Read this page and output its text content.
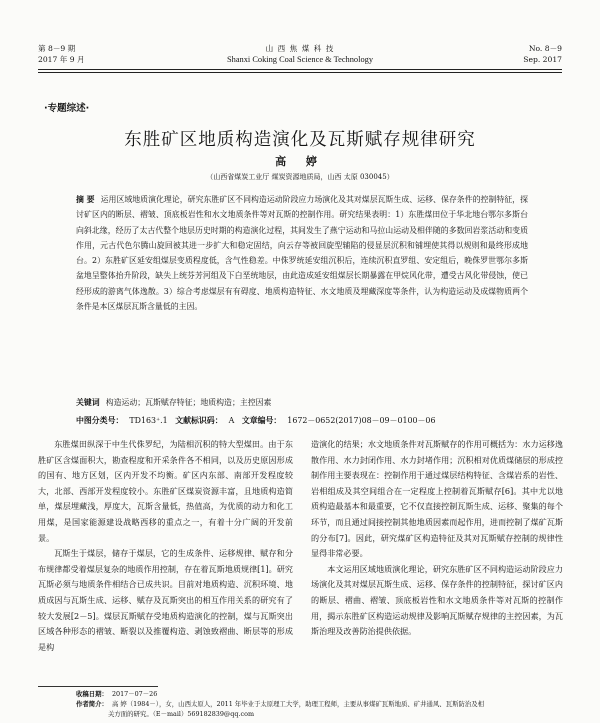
第 8－9 期
2017 年 9 月
山 西 焦 煤 科 技
Shanxi Coking Coal Science & Technology
No. 8－9
Sep. 2017
·专题综述·
东胜矿区地质构造演化及瓦斯赋存规律研究
高 婷
（山西省煤炭工业厅 煤炭资源地质局，山西 太原 030045）
摘 要 运用区域地质演化理论，研究东胜矿区不同构造运动阶段应力场演化及其对煤层瓦斯生成、运移、保存条件的控制特征，探讨矿区内的断层、褶皱、顶底板岩性和水文地质条件等对瓦斯的控制作用。研究结果表明：1）东胜煤田位于华北地台鄂尔多斯台向斜北缘，经历了太古代整个地层历史时期的构造演化过程，其间发生了燕宁运动和马拉山运动及相伴随的多数回岩浆活动和变质作用，元古代色尔腾山旋回被其进一步扩大和稳定固结，向云存等被回旋型辅陷的侵显层沉积和铺埋使其得以规则和最终形成地台。2）东胜矿区延安组煤层变质程度低，含气性稳差。中侏罗统延安组沉积后，连续沉积直罗组、安定组后，晚侏罗世鄂尔多斯盆地呈整体抬升阶段，缺失上统芬芳河组及下白垩统地层，由此造成延安组煤层长期暴露在甲烷风化带，遭受古风化带侵蚀，使已经形成的游离气体逸散。3）综合考虑煤层有有碍度、地质构造特征、水文地质及埋藏深度等条件，认为构造运动及成煤物质两个条件是本区煤层瓦斯含量低的主因。
关键词 构造运动；瓦斯赋存特征；地质构造；主控因素
中图分类号： TD163⁺.1 文献标识码： A 文章编号： 1672－0652(2017)08－09－0100－06

东胜煤田纵深于中生代侏罗纪，为陆相沉积的特大型煤田。由于东胜矿区含煤面积大，勘查程度和开采条件各不相同，以及历史原因形成的国有、地方区划，区内开发不均衡。矿区内东部、南部开发程度较大，北部、西部开发程度较小。东胜矿区煤炭资源丰富，且地质构造简单，煤层埋藏浅，厚度大，瓦斯含量低，热值高，为优质的动力和化工用煤，是国家能源建设战略西移的重点之一，有着十分广阔的开发前景。

瓦斯生于煤层，储存于煤层，它的生成条件、运移规律、赋存和分布规律都受着煤层复杂的地质作用控制，存在着瓦斯地质规律[1]。研究瓦斯必须与地质条件相结合已成共识。目前对地质构造、沉积环境、地质成因与瓦斯生成、运移、赋存及瓦斯突出的相互作用关系的研究有了较大发展[2－5]。煤层瓦斯赋存受地质构造演化的控制，煤与瓦斯突出区域各种形态的褶皱、断裂以及推覆构造、剥蚀致褶曲、断层等的形成是构

造演化的结果；水文地质条件对瓦斯赋存的作用可概括为：水力运移逸散作用、水力封闭作用、水力封堵作用；沉积相对优质煤储层的形成控制作用主要表现在：控制作用于通过煤层结构特征、含煤岩系的岩性、岩相组成及其空间组合在一定程度上控制着瓦斯赋存[6]。其中尤以地质构造最基本和最重要，它不仅直接控制瓦斯生成、运移、聚集的每个环节，而且通过间接控制其他地质因素而起作用，进而控制了煤矿瓦斯的分布[7]。因此，研究煤矿区构造特征及其对瓦斯赋存控制的规律性显得非常必要。

本文运用区域地质演化理论，研究东胜矿区不同构造运动阶段应力场演化及其对煤层瓦斯生成、运移、保存条件的控制特征，探讨矿区内的断层、褶曲、褶皱、顶底板岩性和水文地质条件等对瓦斯的控制作用，揭示东胜矿区构造运动规律及影响瓦斯赋存规律的主控因素，为瓦斯治理及改善防治提供依据。

收稿日期： 2017－07－26
作者简介： 高 婷（1984－），女，山西太原人，2011 年毕业于太原理工大学，助理工程师，主要从事煤矿瓦斯地质、矿井通风、瓦斯防治及相
关方面的研究。（E－mail）569182839@qq.com
